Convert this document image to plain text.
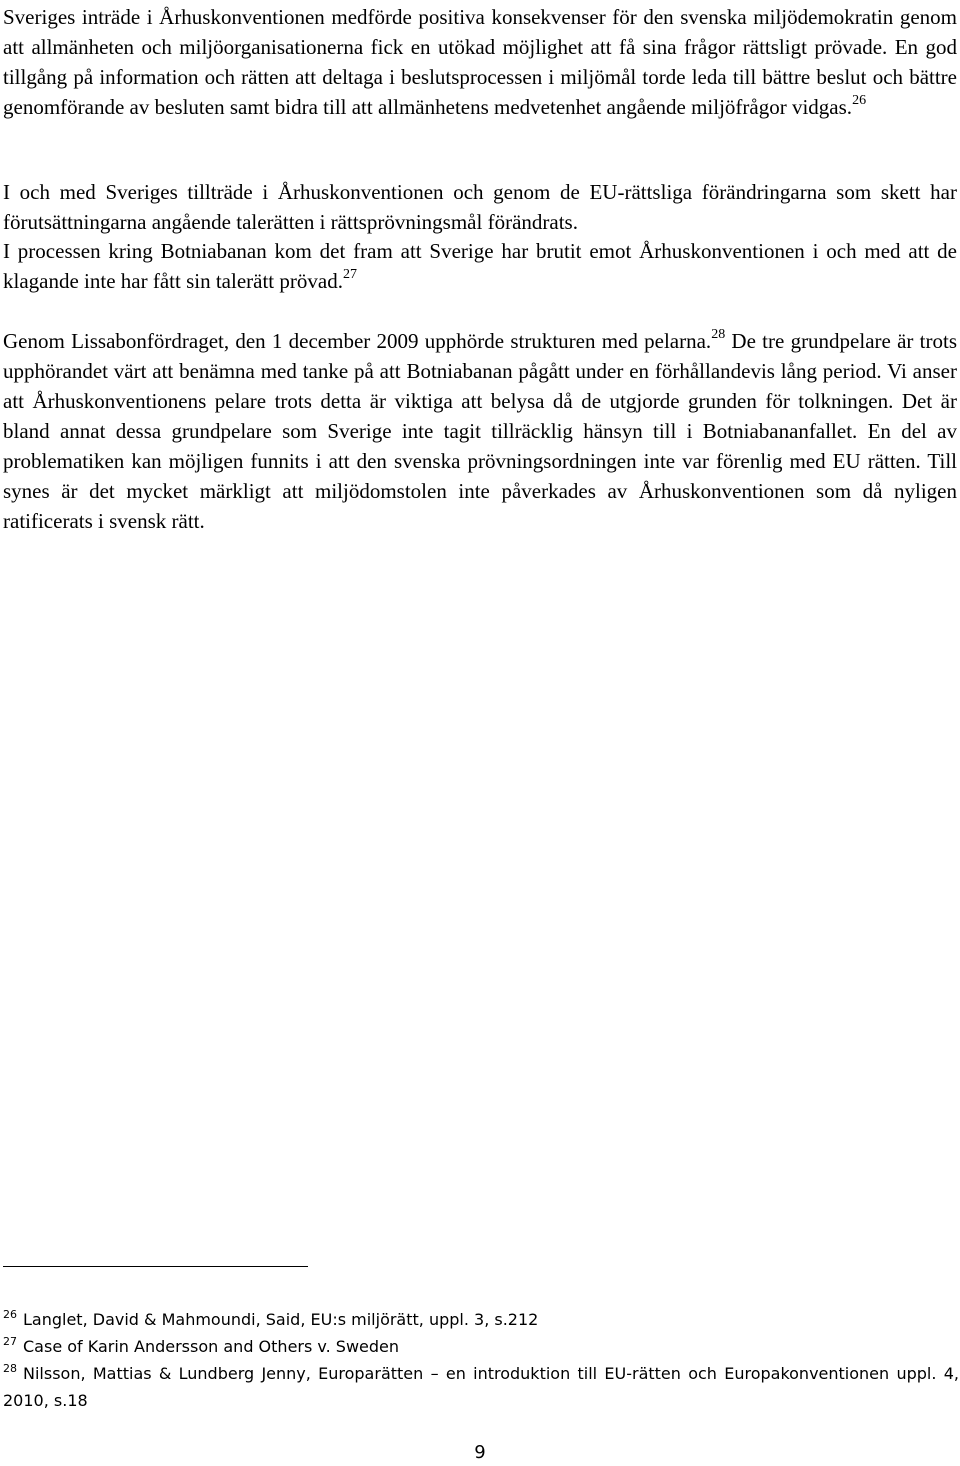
Sveriges inträde i Århuskonventionen medförde positiva konsekvenser för den svenska miljödemokratin genom att allmänheten och miljöorganisationerna fick en utökad möjlighet att få sina frågor rättsligt prövade. En god tillgång på information och rätten att deltaga i beslutsprocessen i miljömål torde leda till bättre beslut och bättre genomförande av besluten samt bidra till att allmänhetens medvetenhet angående miljöfrågor vidgas.$^{26}$

I och med Sveriges tillträde i Århuskonventionen och genom de EU-rättsliga förändringarna som skett har förutsättningarna angående talerätten i rättsprövningsmål förändrats.

I processen kring Botniabanan kom det fram att Sverige har brutit emot Århuskonventionen i och med att de klagande inte har fått sin talerätt prövad.$^{27}$

Genom Lissabonfördraget, den 1 december 2009 upphörde strukturen med pelarna.$^{28}$ De tre grundpelare är trots upphörandet värt att benämna med tanke på att Botniabanan pågått under en förhållandevis lång period. Vi anser att Århuskonventionens pelare trots detta är viktiga att belysa då de utgjorde grunden för tolkningen. Det är bland annat dessa grundpelare som Sverige inte tagit tillräcklig hänsyn till i Botniabananfallet. En del av problematiken kan möjligen funnits i att den svenska prövningsordningen inte var förenlig med EU rätten. Till synes är det mycket märkligt att miljödomstolen inte påverkades av Århuskonventionen som då nyligen ratificerats i svensk rätt.

$^{26}$ Langlet, David & Mahmoundi, Said, EU:s miljörätt, uppl. 3, s.212

$^{27}$ Case of Karin Andersson and Others v. Sweden

$^{28}$ Nilsson, Mattias & Lundberg Jenny, Europarätten – en introduktion till EU-rätten och Europakonventionen uppl. 4, 2010, s.18

9
